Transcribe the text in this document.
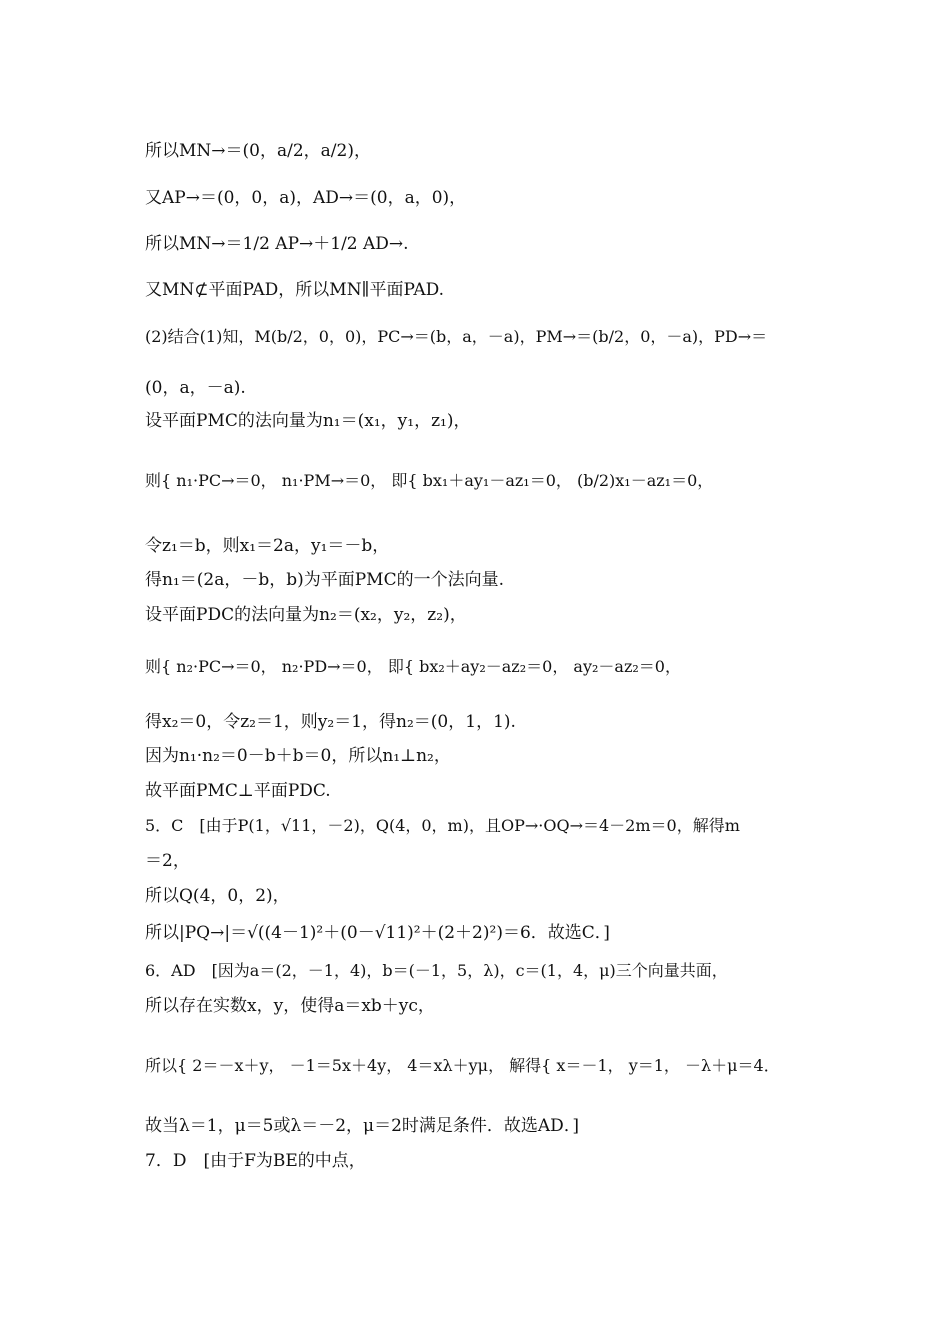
所以MN→＝(0，a/2，a/2)，
又AP→＝(0，0，a)，AD→＝(0，a，0)，
所以MN→＝1/2 AP→＋1/2 AD→.
又MN⊄平面PAD，所以MN∥平面PAD.
(2)结合(1)知，M(b/2，0，0)，PC→＝(b，a，－a)，PM→＝(b/2，0，－a)，PD→＝
(0，a，－a).
设平面PMC的法向量为n₁＝(x₁，y₁，z₁)，
则{ n₁·PC→＝0， n₁·PM→＝0， 即{ bx₁＋ay₁－az₁＝0， (b/2)x₁－az₁＝0，
令z₁＝b，则x₁＝2a，y₁＝－b，
得n₁＝(2a，－b，b)为平面PMC的一个法向量.
设平面PDC的法向量为n₂＝(x₂，y₂，z₂)，
则{ n₂·PC→＝0， n₂·PD→＝0， 即{ bx₂＋ay₂－az₂＝0， ay₂－az₂＝0，
得x₂＝0，令z₂＝1，则y₂＝1，得n₂＝(0，1，1).
因为n₁·n₂＝0－b＋b＝0，所以n₁⊥n₂，
故平面PMC⊥平面PDC.
5．C　[由于P(1，√11，－2)，Q(4，0，m)，且OP→·OQ→＝4－2m＝0，解得m
＝2，
所以Q(4，0，2)，
所以|PQ→|＝√((4－1)²＋(0－√11)²＋(2＋2)²)＝6．故选C．]
6．AD　[因为a＝(2，－1，4)，b＝(－1，5，λ)，c＝(1，4，μ)三个向量共面，
所以存在实数x，y，使得a＝xb＋yc，
所以{ 2＝－x＋y， －1＝5x＋4y， 4＝xλ＋yμ， 解得{ x＝－1， y＝1， －λ＋μ＝4．
故当λ＝1，μ＝5或λ＝－2，μ＝2时满足条件．故选AD．]
7．D　[由于F为BE的中点，
